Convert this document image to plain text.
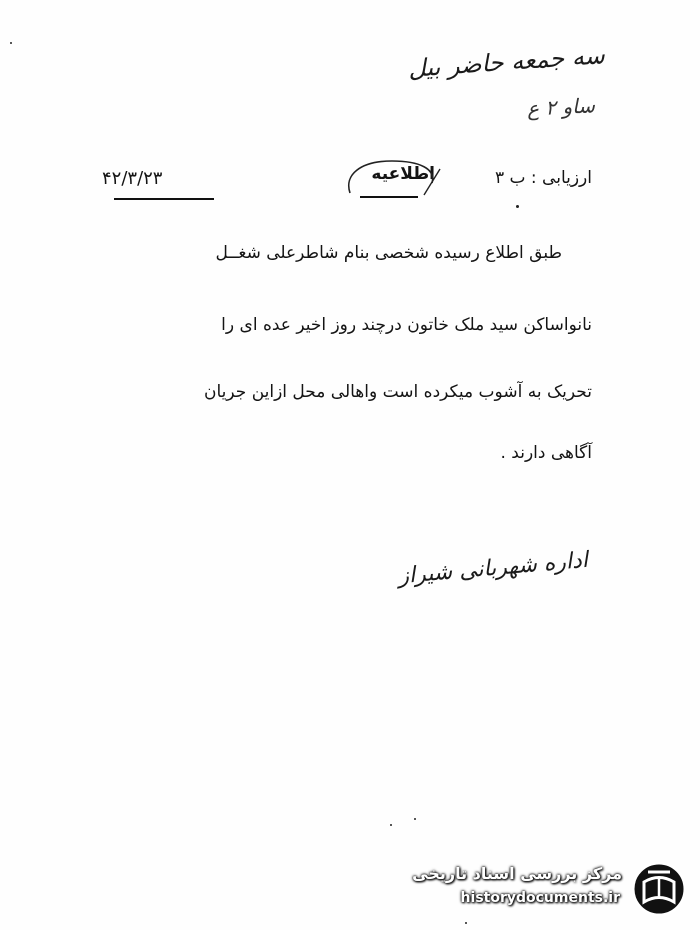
سه جمعه حاضر بیل
ساو ۲ ع
ارزیابی : ب ۳
اطلاعیه
۴۲/۳/۲۳
طبق اطلاع رسیده شخصی بنام شاطرعلی شغــل
نانواساکن سید ملک خاتون درچند روز اخیر عده ای را
تحریک به آشوب میکرده است واهالی محل ازاین جریان
آگاهی دارند .
اداره شهربانی شیراز
مرکز بررسی اسناد تاریخی
historydocuments.ir
